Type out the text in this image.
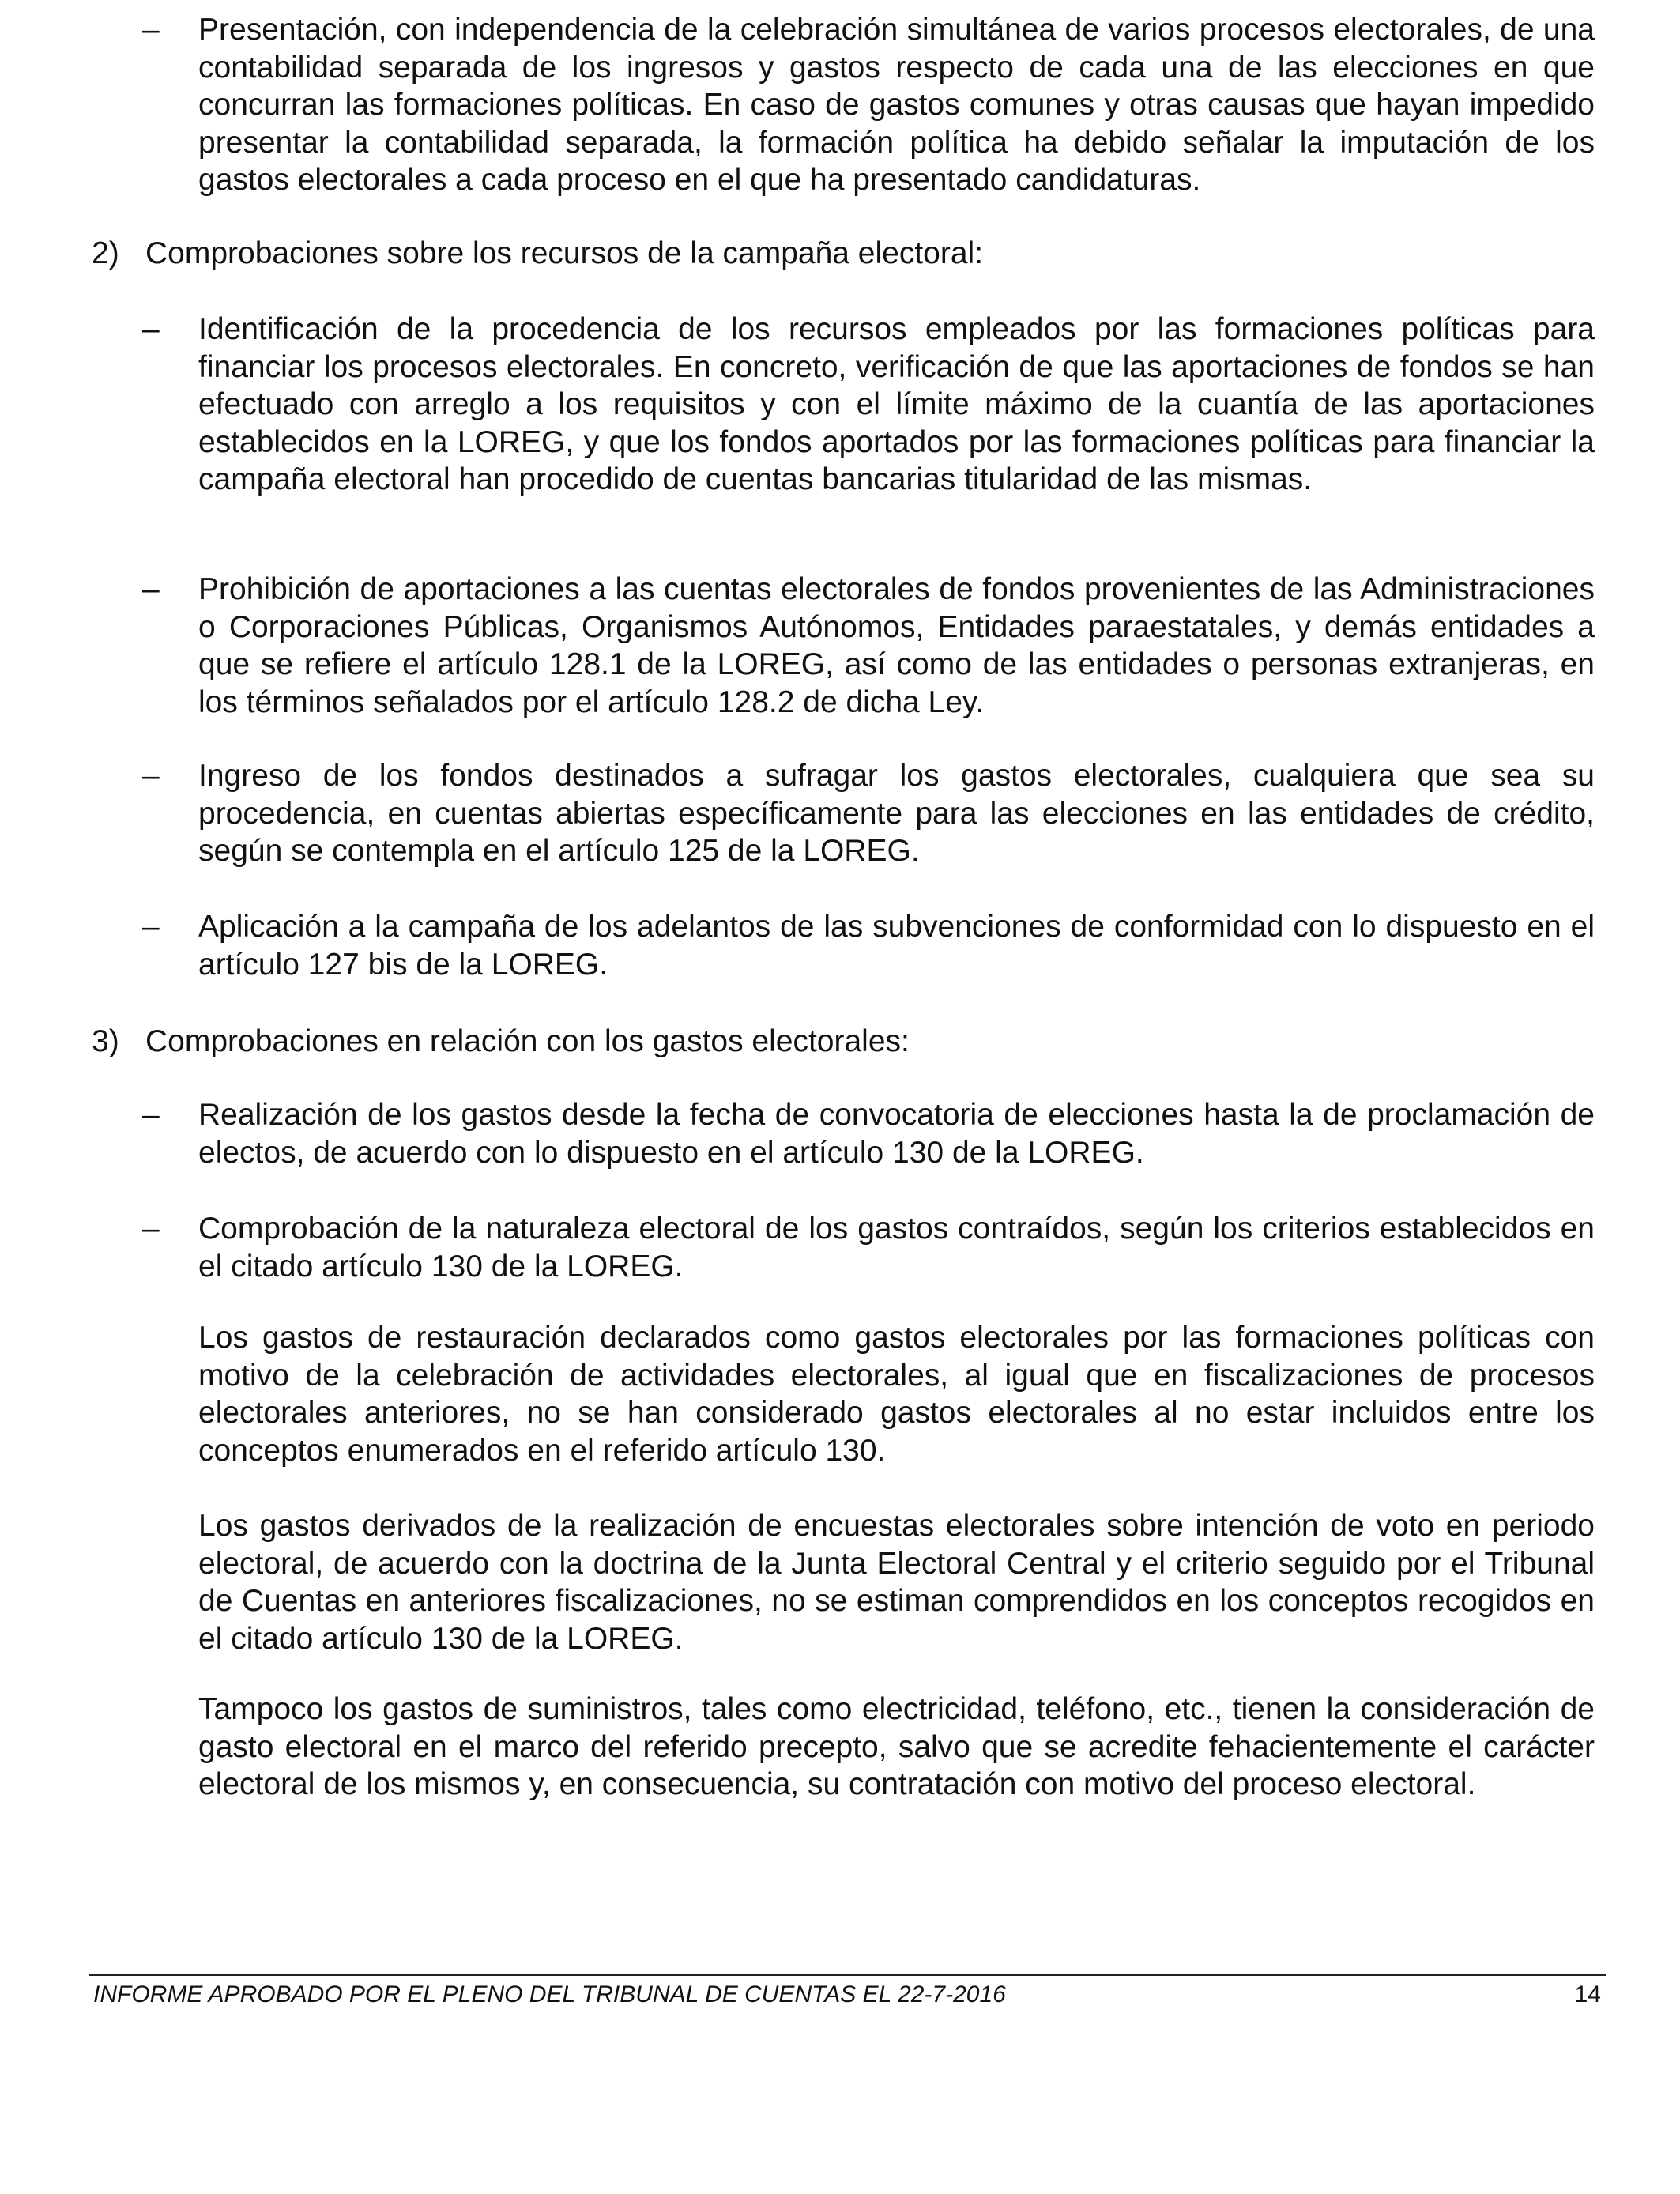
–	Presentación, con independencia de la celebración simultánea de varios procesos electorales, de una contabilidad separada de los ingresos y gastos respecto de cada una de las elecciones en que concurran las formaciones políticas. En caso de gastos comunes y otras causas que hayan impedido presentar la contabilidad separada, la formación política ha debido señalar la imputación de los gastos electorales a cada proceso en el que ha presentado candidaturas.

2) Comprobaciones sobre los recursos de la campaña electoral:

–	Identificación de la procedencia de los recursos empleados por las formaciones políticas para financiar los procesos electorales. En concreto, verificación de que las aportaciones de fondos se han efectuado con arreglo a los requisitos y con el límite máximo de la cuantía de las aportaciones establecidos en la LOREG, y que los fondos aportados por las formaciones políticas para financiar la campaña electoral han procedido de cuentas bancarias titularidad de las mismas.

–	Prohibición de aportaciones a las cuentas electorales de fondos provenientes de las Administraciones o Corporaciones Públicas, Organismos Autónomos, Entidades paraestatales, y demás entidades a que se refiere el artículo 128.1 de la LOREG, así como de las entidades o personas extranjeras, en los términos señalados por el artículo 128.2 de dicha Ley.

–	Ingreso de los fondos destinados a sufragar los gastos electorales, cualquiera que sea su procedencia, en cuentas abiertas específicamente para las elecciones en las entidades de crédito, según se contempla en el artículo 125 de la LOREG.

–	Aplicación a la campaña de los adelantos de las subvenciones de conformidad con lo dispuesto en el artículo 127 bis de la LOREG.

3) Comprobaciones en relación con los gastos electorales:

–	Realización de los gastos desde la fecha de convocatoria de elecciones hasta la de proclamación de electos, de acuerdo con lo dispuesto en el artículo 130 de la LOREG.

–	Comprobación de la naturaleza electoral de los gastos contraídos, según los criterios establecidos en el citado artículo 130 de la LOREG.

Los gastos de restauración declarados como gastos electorales por las formaciones políticas con motivo de la celebración de actividades electorales, al igual que en fiscalizaciones de procesos electorales anteriores, no se han considerado gastos electorales al no estar incluidos entre los conceptos enumerados en el referido artículo 130.

Los gastos derivados de la realización de encuestas electorales sobre intención de voto en periodo electoral, de acuerdo con la doctrina de la Junta Electoral Central y el criterio seguido por el Tribunal de Cuentas en anteriores fiscalizaciones, no se estiman comprendidos en los conceptos recogidos en el citado artículo 130 de la LOREG.

Tampoco los gastos de suministros, tales como electricidad, teléfono, etc., tienen la consideración de gasto electoral en el marco del referido precepto, salvo que se acredite fehacientemente el carácter electoral de los mismos y, en consecuencia, su contratación con motivo del proceso electoral.

INFORME APROBADO POR EL PLENO DEL TRIBUNAL DE CUENTAS EL 22-7-2016	14
